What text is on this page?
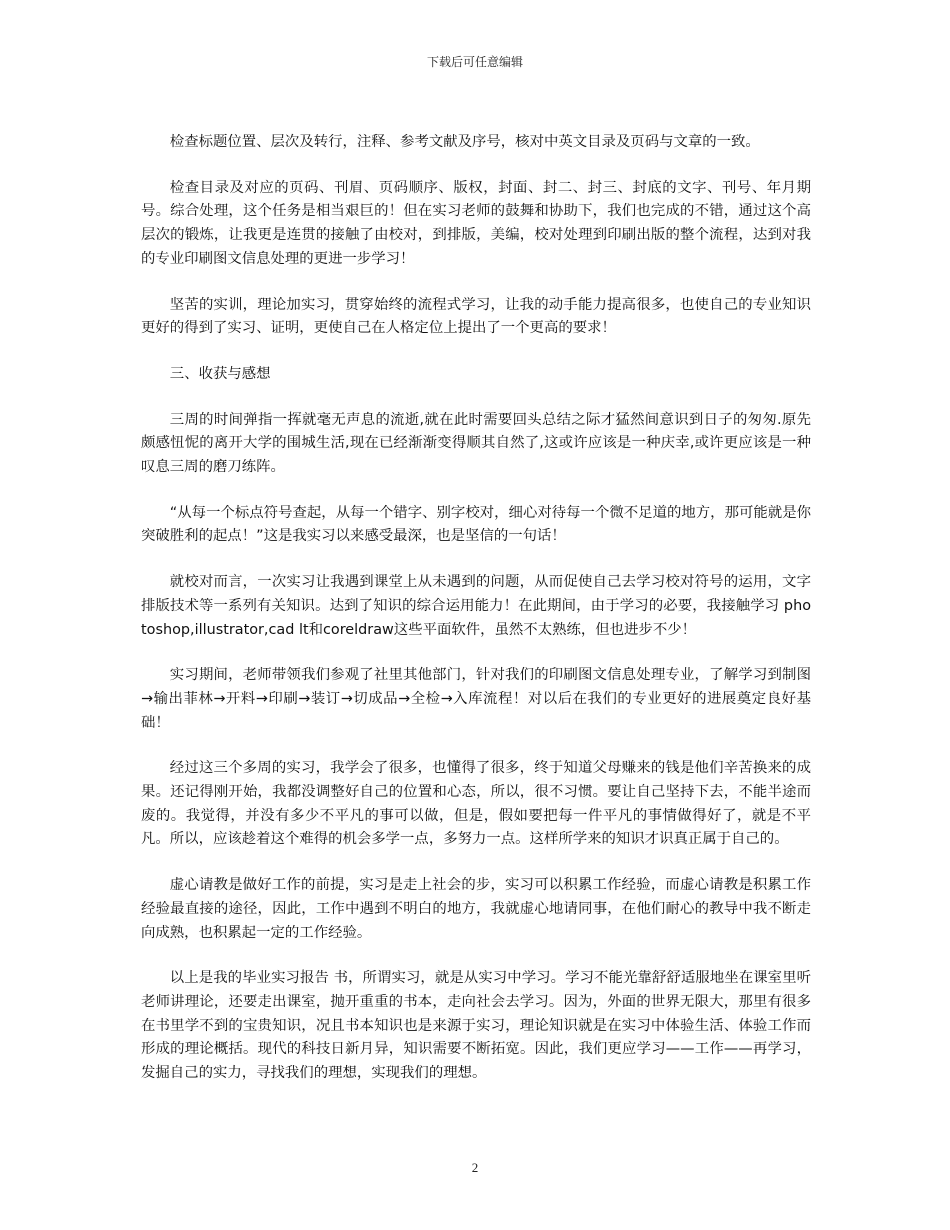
下载后可任意编辑

检查标题位置、层次及转行，注释、参考文献及序号，核对中英文目录及页码与文章的一致。

检查目录及对应的页码、刊眉、页码顺序、版权，封面、封二、封三、封底的文字、刊号、年月期号。综合处理，这个任务是相当艰巨的！但在实习老师的鼓舞和协助下，我们也完成的不错，通过这个高层次的锻炼，让我更是连贯的接触了由校对，到排版，美编，校对处理到印刷出版的整个流程，达到对我的专业印刷图文信息处理的更进一步学习！

坚苦的实训，理论加实习，贯穿始终的流程式学习，让我的动手能力提高很多，也使自己的专业知识更好的得到了实习、证明，更使自己在人格定位上提出了一个更高的要求！

三、收获与感想

三周的时间弹指一挥就毫无声息的流逝,就在此时需要回头总结之际才猛然间意识到日子的匆匆.原先颇感忸怩的离开大学的围城生活,现在已经渐渐变得顺其自然了,这或许应该是一种庆幸,或许更应该是一种叹息三周的磨刀练阵。

“从每一个标点符号查起，从每一个错字、别字校对，细心对待每一个微不足道的地方，那可能就是你突破胜利的起点！”这是我实习以来感受最深，也是坚信的一句话！

就校对而言，一次实习让我遇到课堂上从未遇到的问题，从而促使自己去学习校对符号的运用，文字排版技术等一系列有关知识。达到了知识的综合运用能力！在此期间，由于学习的必要，我接触学习 photoshop,illustrator,cad lt和coreldraw这些平面软件，虽然不太熟练，但也进步不少！

实习期间，老师带领我们参观了社里其他部门，针对我们的印刷图文信息处理专业，了解学习到制图→输出菲林→开料→印刷→装订→切成品→全检→入库流程！对以后在我们的专业更好的进展奠定良好基础！

经过这三个多周的实习，我学会了很多，也懂得了很多，终于知道父母赚来的钱是他们辛苦换来的成果。还记得刚开始，我都没调整好自己的位置和心态，所以，很不习惯。要让自己坚持下去，不能半途而废的。我觉得，并没有多少不平凡的事可以做，但是，假如要把每一件平凡的事情做得好了，就是不平凡。所以，应该趁着这个难得的机会多学一点，多努力一点。这样所学来的知识才识真正属于自己的。

虚心请教是做好工作的前提，实习是走上社会的步，实习可以积累工作经验，而虚心请教是积累工作经验最直接的途径，因此，工作中遇到不明白的地方，我就虚心地请同事，在他们耐心的教导中我不断走向成熟，也积累起一定的工作经验。

以上是我的毕业实习报告 书，所谓实习，就是从实习中学习。学习不能光靠舒舒适服地坐在课室里听老师讲理论，还要走出课室，抛开重重的书本，走向社会去学习。因为，外面的世界无限大，那里有很多在书里学不到的宝贵知识，况且书本知识也是来源于实习，理论知识就是在实习中体验生活、体验工作而形成的理论概括。现代的科技日新月异，知识需要不断拓宽。因此，我们更应学习——工作——再学习，发掘自己的实力，寻找我们的理想，实现我们的理想。

2
